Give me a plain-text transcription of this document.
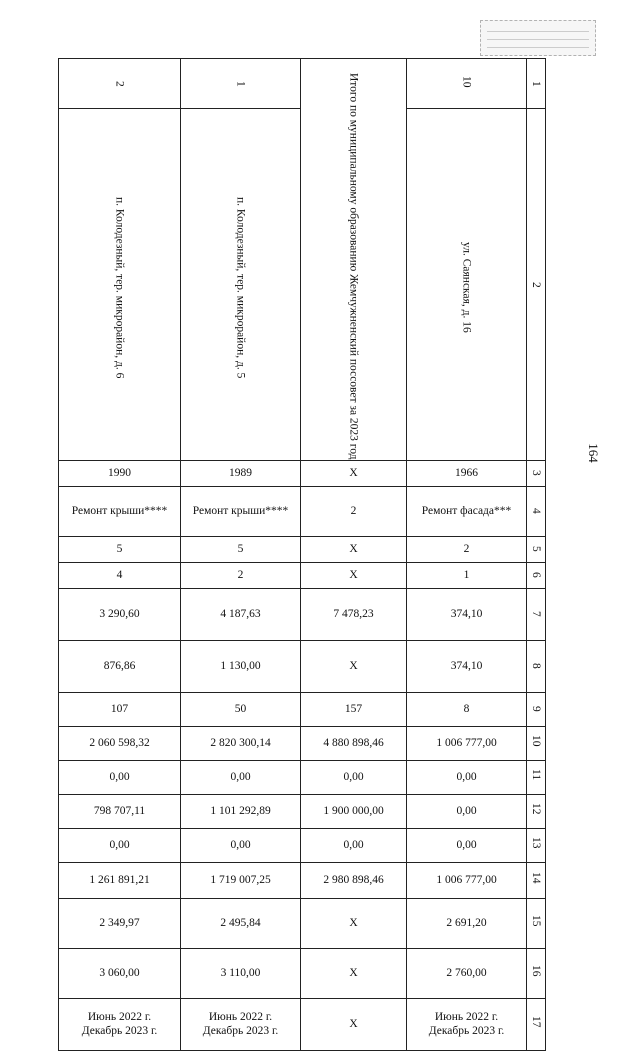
164
2	1	Итого по муниципальному образованию Жемчужненский поссовет за 2023 год	10	1

п. Колодезный, тер. микрорайон, д. 6	п. Колодезный, тер. микрорайон, д. 5		ул. Саянская, д. 16	2
1990	1989	Х	1966	3
Ремонт крыши****	Ремонт крыши****	2	Ремонт фасада***	4
5	5	Х	2	5
4	2	Х	1	6
3 290,60	4 187,63	7 478,23	374,10	7
876,86	1 130,00	Х	374,10	8
107	50	157	8	9
2 060 598,32	2 820 300,14	4 880 898,46	1 006 777,00	10
0,00	0,00	0,00	0,00	11
798 707,11	1 101 292,89	1 900 000,00	0,00	12
0,00	0,00	0,00	0,00	13
1 261 891,21	1 719 007,25	2 980 898,46	1 006 777,00	14
2 349,97	2 495,84	Х	2 691,20	15
3 060,00	3 110,00	Х	2 760,00	16

Июнь 2022 г.
Декабрь 2023 г.	Июнь 2022 г.
Декабрь 2023 г.	Х	Июнь 2022 г.
Декабрь 2023 г.	17
